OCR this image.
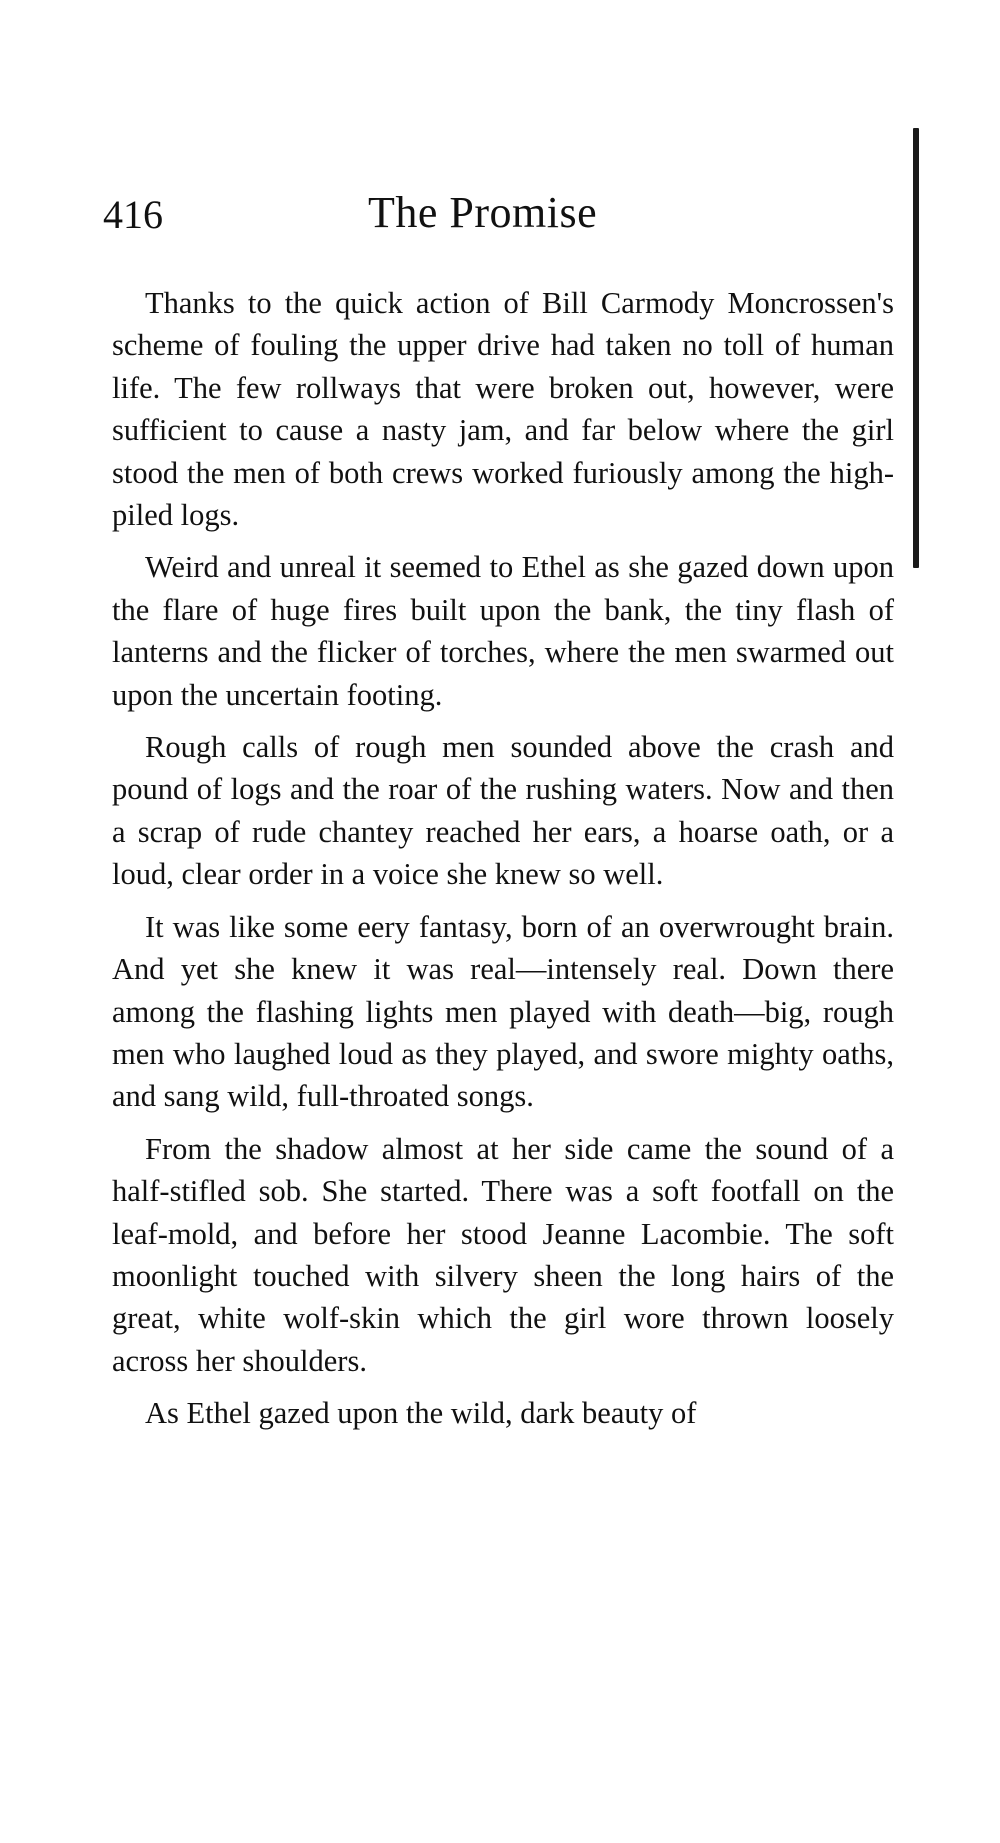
416	The Promise

Thanks to the quick action of Bill Carmody Moncrossen's scheme of fouling the upper drive had taken no toll of human life. The few rollways that were broken out, however, were sufficient to cause a nasty jam, and far below where the girl stood the men of both crews worked furiously among the high-piled logs.

Weird and unreal it seemed to Ethel as she gazed down upon the flare of huge fires built upon the bank, the tiny flash of lanterns and the flicker of torches, where the men swarmed out upon the uncertain footing.

Rough calls of rough men sounded above the crash and pound of logs and the roar of the rushing waters. Now and then a scrap of rude chantey reached her ears, a hoarse oath, or a loud, clear order in a voice she knew so well.

It was like some eery fantasy, born of an overwrought brain. And yet she knew it was real—intensely real. Down there among the flashing lights men played with death—big, rough men who laughed loud as they played, and swore mighty oaths, and sang wild, full-throated songs.

From the shadow almost at her side came the sound of a half-stifled sob. She started. There was a soft footfall on the leaf-mold, and before her stood Jeanne Lacombie. The soft moonlight touched with silvery sheen the long hairs of the great, white wolf-skin which the girl wore thrown loosely across her shoulders.

As Ethel gazed upon the wild, dark beauty of
